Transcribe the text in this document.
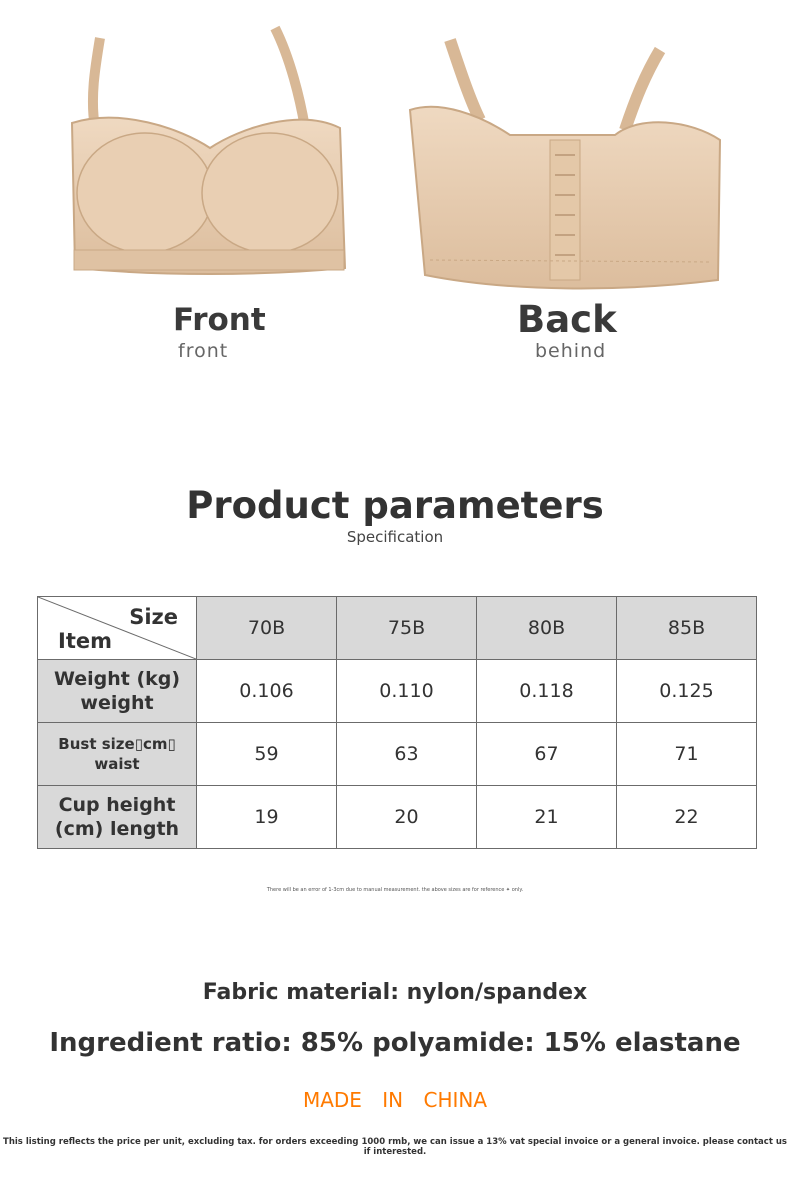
Front
front
Back
behind
Product parameters
Specification
Size
Item	70B	75B	80B	85B

Weight (kg)
weight	0.106	0.110	0.118	0.125

Bust size▯cm▯
waist	59	63	67	71

Cup height
(cm) length	19	20	21	22
There will be an error of 1-3cm due to manual measurement. the above sizes are for reference ✦ only.
Fabric material: nylon/spandex
Ingredient ratio: 85% polyamide: 15% elastane
MADE IN CHINA
This listing reflects the price per unit, excluding tax. for orders exceeding 1000 rmb, we can issue a 13% vat special invoice or a general invoice. please contact us if interested.
